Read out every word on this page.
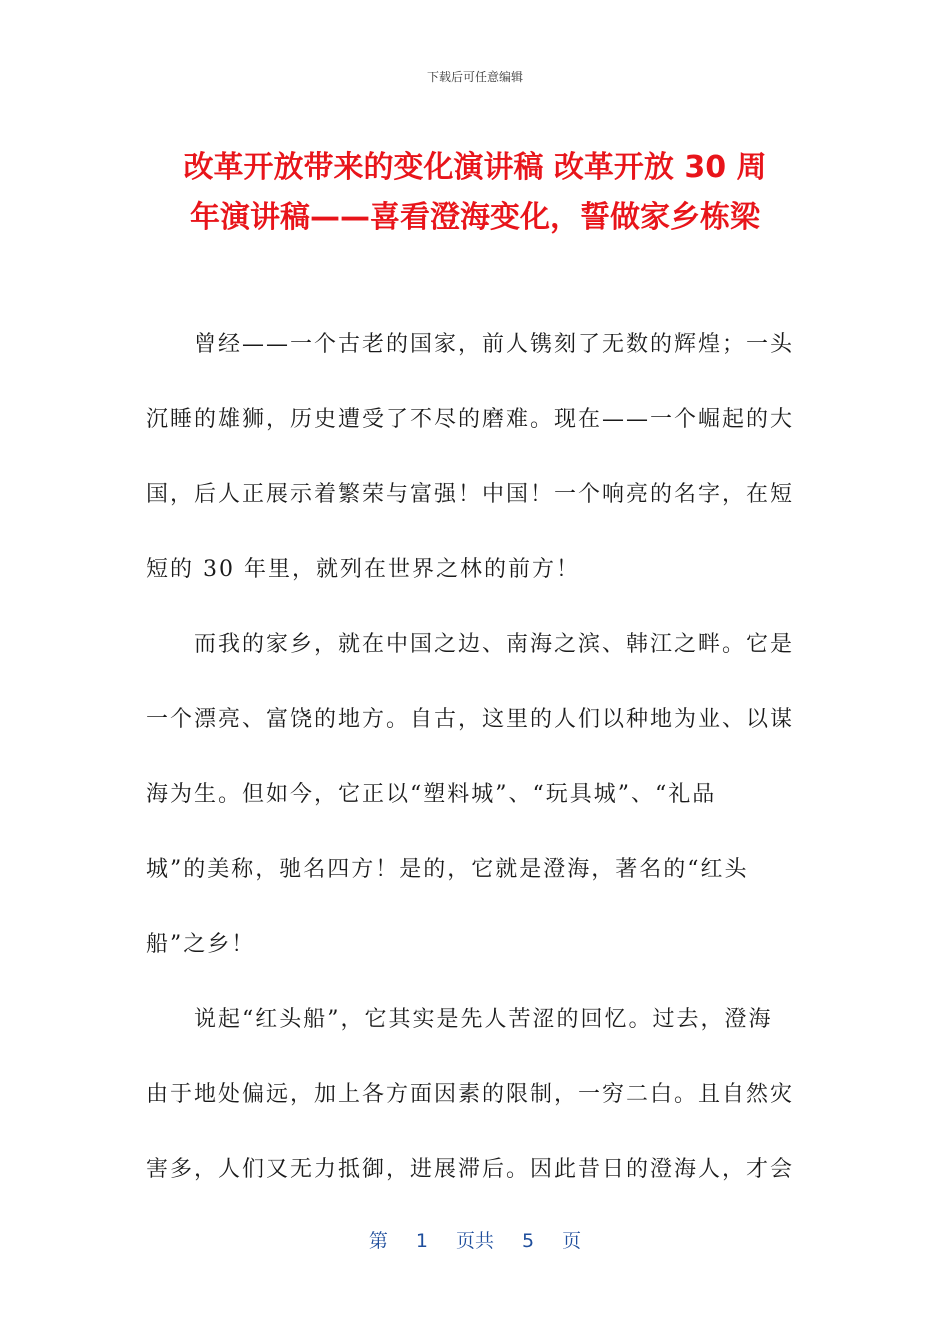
下载后可任意编辑
改革开放带来的变化演讲稿 改革开放 30 周
年演讲稿——喜看澄海变化，誓做家乡栋梁
曾经——一个古老的国家，前人镌刻了无数的辉煌；一头
沉睡的雄狮，历史遭受了不尽的磨难。现在——一个崛起的大
国，后人正展示着繁荣与富强！中国！一个响亮的名字，在短
短的 30 年里，就列在世界之林的前方！
而我的家乡，就在中国之边、南海之滨、韩江之畔。它是
一个漂亮、富饶的地方。自古，这里的人们以种地为业、以谋
海为生。但如今，它正以“塑料城”、“玩具城”、“礼品
城”的美称，驰名四方！是的，它就是澄海，著名的“红头
船”之乡！
说起“红头船”，它其实是先人苦涩的回忆。过去，澄海
由于地处偏远，加上各方面因素的限制，一穷二白。且自然灾
害多，人们又无力抵御，进展滞后。因此昔日的澄海人，才会
第 1 页共 5 页
